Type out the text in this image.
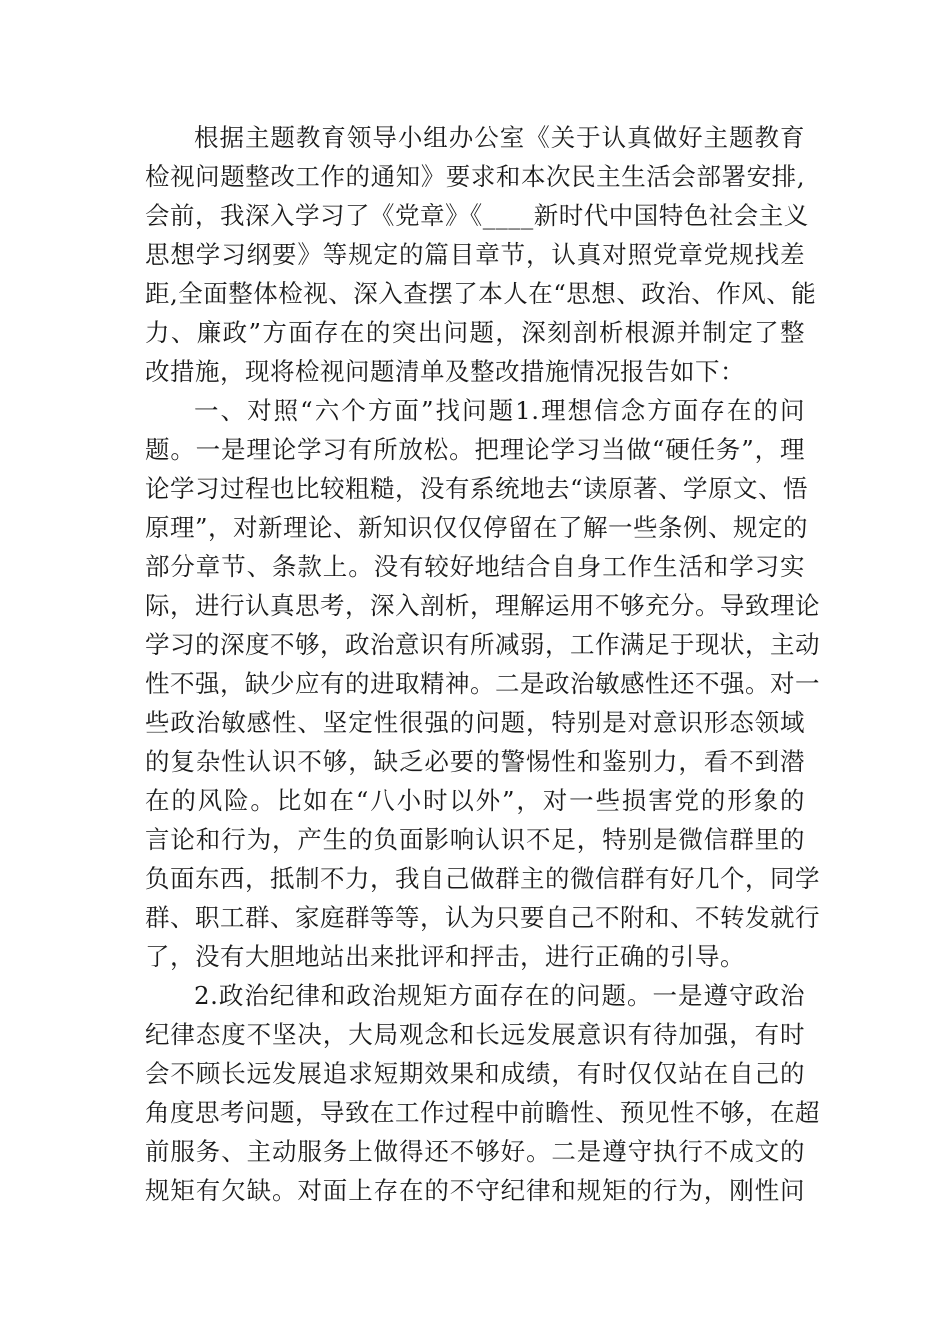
根据主题教育领导小组办公室《关于认真做好主题教育
检视问题整改工作的通知》要求和本次民主生活会部署安排,
会前，我深入学习了《党章》《____新时代中国特色社会主义
思想学习纲要》等规定的篇目章节，认真对照党章党规找差
距,全面整体检视、深入查摆了本人在“思想、政治、作风、能
力、廉政”方面存在的突出问题，深刻剖析根源并制定了整
改措施，现将检视问题清单及整改措施情况报告如下：
一、对照“六个方面”找问题1.理想信念方面存在的问
题。一是理论学习有所放松。把理论学习当做“硬任务”，理
论学习过程也比较粗糙，没有系统地去“读原著、学原文、悟
原理”，对新理论、新知识仅仅停留在了解一些条例、规定的
部分章节、条款上。没有较好地结合自身工作生活和学习实
际，进行认真思考，深入剖析，理解运用不够充分。导致理论
学习的深度不够，政治意识有所减弱，工作满足于现状，主动
性不强，缺少应有的进取精神。二是政治敏感性还不强。对一
些政治敏感性、坚定性很强的问题，特别是对意识形态领域
的复杂性认识不够，缺乏必要的警惕性和鉴别力，看不到潜
在的风险。比如在“八小时以外”，对一些损害党的形象的
言论和行为，产生的负面影响认识不足，特别是微信群里的
负面东西，抵制不力，我自己做群主的微信群有好几个，同学
群、职工群、家庭群等等，认为只要自己不附和、不转发就行
了，没有大胆地站出来批评和抨击，进行正确的引导。
2.政治纪律和政治规矩方面存在的问题。一是遵守政治
纪律态度不坚决，大局观念和长远发展意识有待加强，有时
会不顾长远发展追求短期效果和成绩，有时仅仅站在自己的
角度思考问题，导致在工作过程中前瞻性、预见性不够，在超
前服务、主动服务上做得还不够好。二是遵守执行不成文的
规矩有欠缺。对面上存在的不守纪律和规矩的行为，刚性问
